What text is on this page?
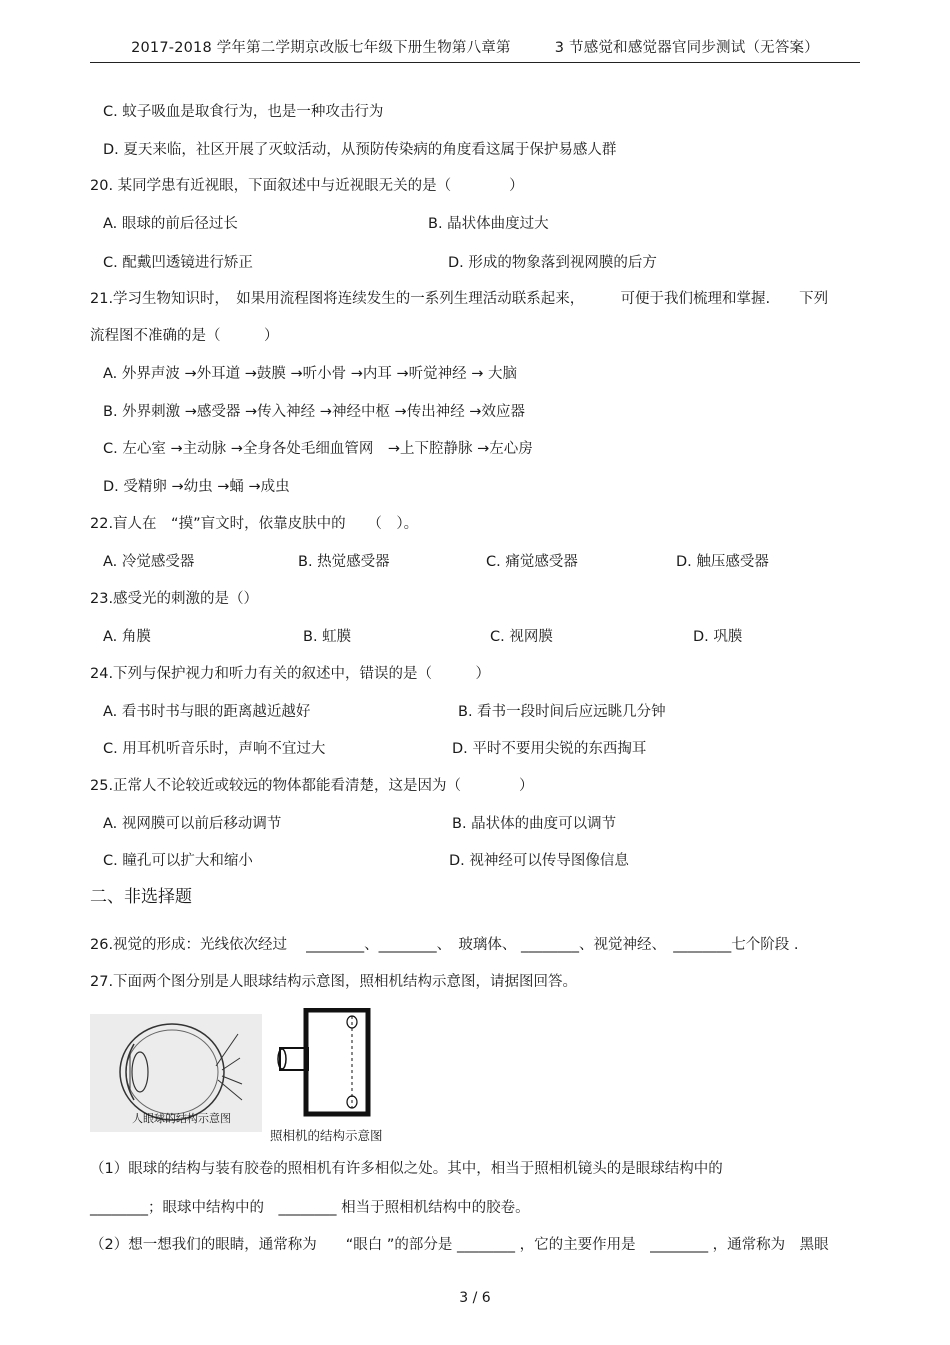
2017-2018 学年第二学期京改版七年级下册生物第八章第　　　3 节感觉和感觉器官同步测试（无答案）
C. 蚊子吸血是取食行为，也是一种攻击行为
D. 夏天来临，社区开展了灭蚊活动，从预防传染病的角度看这属于保护易感人群
20. 某同学患有近视眼，下面叙述中与近视眼无关的是（　　　　）
A. 眼球的前后径过长	B. 晶状体曲度过大
C. 配戴凹透镜进行矫正	D. 形成的物象落到视网膜的后方
21.学习生物知识时，　如果用流程图将连续发生的一系列生理活动联系起来，　　　可便于我们梳理和掌握.　　下列
流程图不准确的是（　　　）
A. 外界声波 →外耳道 →鼓膜 →听小骨 →内耳 →听觉神经 → 大脑
B. 外界刺激 →感受器 →传入神经 →神经中枢 →传出神经 →效应器
C. 左心室 →主动脉 →全身各处毛细血管网　→上下腔静脉 →左心房
D. 受精卵 →幼虫 →蛹 →成虫
22.盲人在　“摸”盲文时，依靠皮肤中的　　（　）。
A. 冷觉感受器	B. 热觉感受器	C. 痛觉感受器	D. 触压感受器
23.感受光的刺激的是（）
A. 角膜	B. 虹膜	C. 视网膜	D. 巩膜
24.下列与保护视力和听力有关的叙述中，错误的是（　　　）
A. 看书时书与眼的距离越近越好	B. 看书一段时间后应远眺几分钟
C. 用耳机听音乐时，声响不宜过大	D. 平时不要用尖锐的东西掏耳
25.正常人不论较近或较远的物体都能看清楚，这是因为（　　　　）
A. 视网膜可以前后移动调节	B. 晶状体的曲度可以调节
C. 瞳孔可以扩大和缩小	D. 视神经可以传导图像信息
二、非选择题
26.视觉的形成：光线依次经过　 ________、________、　玻璃体、 ________、视觉神经、　________七个阶段 .
27.下面两个图分别是人眼球结构示意图，照相机结构示意图，请据图回答。
人眼球的结构示意图
照相机的结构示意图
（1）眼球的结构与装有胶卷的照相机有许多相似之处。其中，相当于照相机镜头的是眼球结构中的
________；眼球中结构中的　________ 相当于照相机结构中的胶卷。
（2）想一想我们的眼睛，通常称为　　“眼白 ”的部分是 ________ ，它的主要作用是　________ ，通常称为　黑眼
3 / 6
